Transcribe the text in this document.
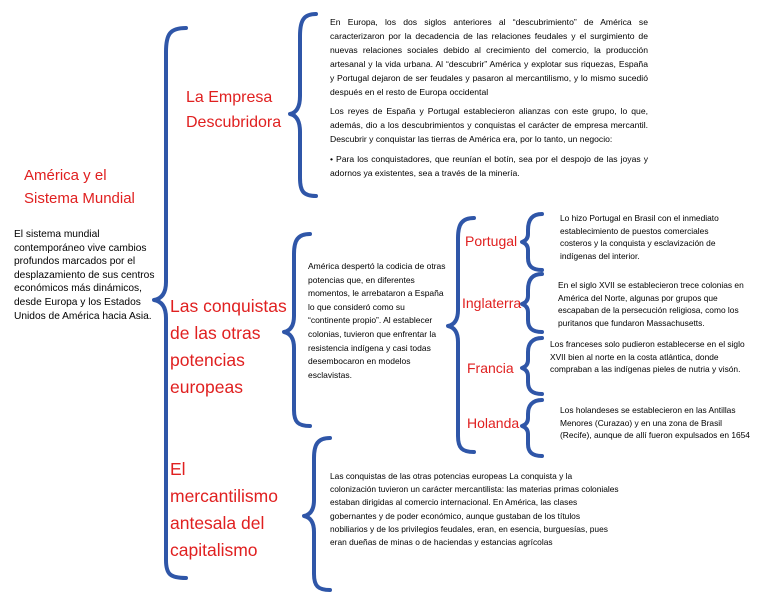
América y el Sistema Mundial
El sistema mundial contemporáneo vive cambios profundos marcados por el desplazamiento de sus centros económicos más dinámicos, desde Europa y los Estados Unidos de América hacia Asia.
La Empresa Descubridora

En Europa, los dos siglos anteriores al “descubrimiento” de América se caracterizaron por la decadencia de las relaciones feudales y el surgimiento de nuevas relaciones sociales debido al crecimiento del comercio, la producción artesanal y la vida urbana. Al “descubrir” América y explotar sus riquezas, España y Portugal dejaron de ser feudales y pasaron al mercantilismo, y lo mismo sucedió después en el resto de Europa occidental

Los reyes de España y Portugal establecieron alianzas con este grupo, lo que, además, dio a los descubrimientos y conquistas el carácter de empresa mercantil. Descubrir y conquistar las tierras de América era, por lo tanto, un negocio:

• Para los conquistadores, que reunían el botín, sea por el despojo de las joyas y adornos ya existentes, sea a través de la minería.

Las conquistas de las otras potencias europeas
América despertó la codicia de otras potencias que, en diferentes momentos, le arrebataron a España lo que consideró como su “continente propio”. Al establecer colonias, tuvieron que enfrentar la resistencia indígena y casi todas desembocaron en modelos esclavistas.
Portugal
Lo hizo Portugal en Brasil con el inmediato establecimiento de puestos comerciales costeros y la conquista y esclavización de indígenas del interior.
Inglaterra
En el siglo XVII se establecieron trece colonias en América del Norte, algunas por grupos que escapaban de la persecución religiosa, como los puritanos que fundaron Massachusetts.
Francia
Los franceses solo pudieron establecerse en el siglo XVII bien al norte en la costa atlántica, donde compraban a las indígenas pieles de nutria y visón.
Holanda
Los holandeses se establecieron en las Antillas Menores (Curazao) y en una zona de Brasil (Recife), aunque de allí fueron expulsados en 1654
El mercantilismo antesala del capitalismo
Las conquistas de las otras potencias europeas La conquista y la colonización tuvieron un carácter mercantilista: las materias primas coloniales estaban dirigidas al comercio internacional. En América, las clases gobernantes y de poder económico, aunque gustaban de los títulos nobiliarios y de los privilegios feudales, eran, en esencia, burguesías, pues eran dueñas de minas o de haciendas y estancias agrícolas
